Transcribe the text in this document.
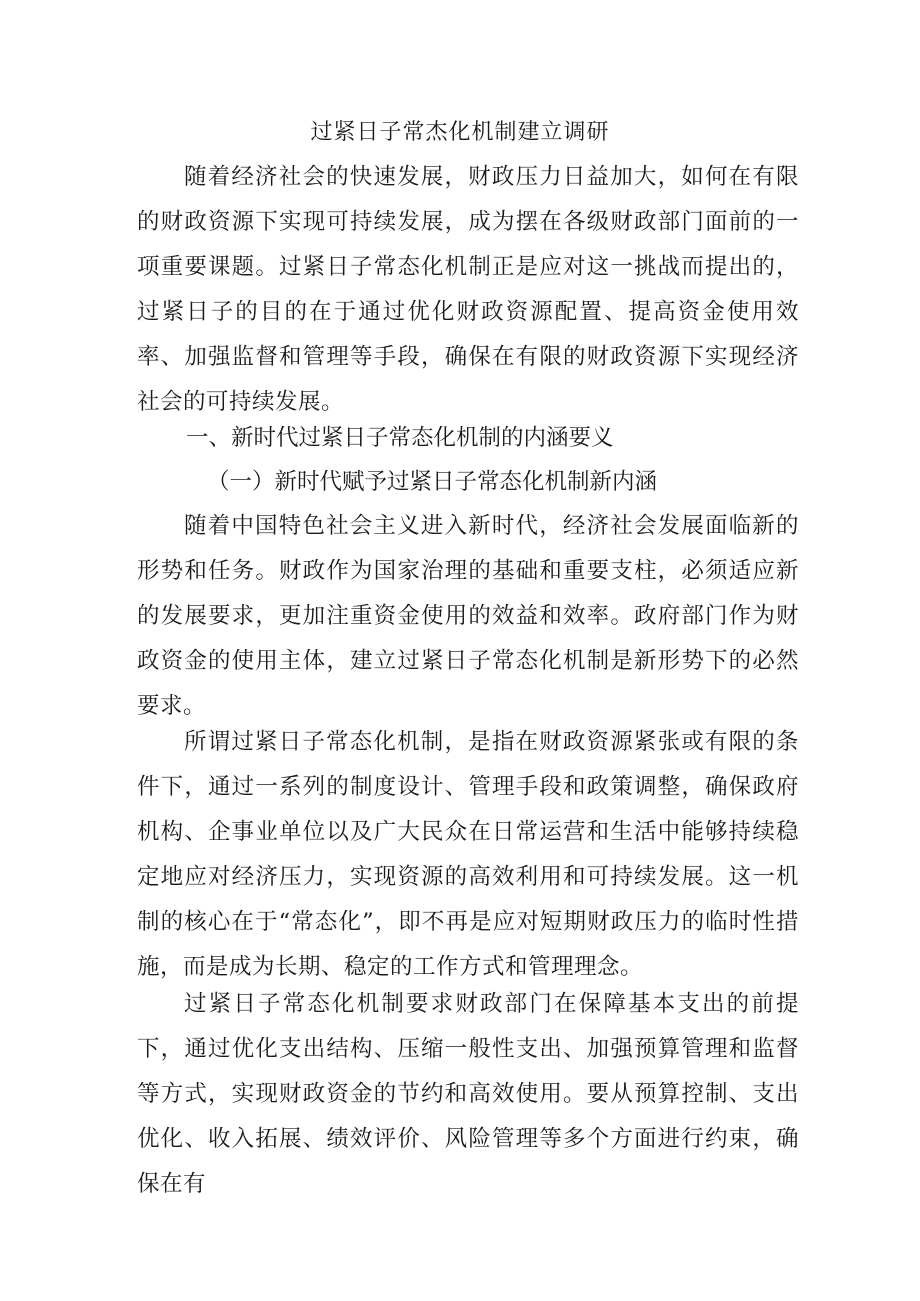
过紧日子常杰化机制建立调研

随着经济社会的快速发展，财政压力日益加大，如何在有限的财政资源下实现可持续发展，成为摆在各级财政部门面前的一项重要课题。过紧日子常态化机制正是应对这一挑战而提出的，过紧日子的目的在于通过优化财政资源配置、提高资金使用效率、加强监督和管理等手段，确保在有限的财政资源下实现经济社会的可持续发展。

一、新时代过紧日子常态化机制的内涵要义

（一）新时代赋予过紧日子常态化机制新内涵

随着中国特色社会主义进入新时代，经济社会发展面临新的形势和任务。财政作为国家治理的基础和重要支柱，必须适应新的发展要求，更加注重资金使用的效益和效率。政府部门作为财政资金的使用主体，建立过紧日子常态化机制是新形势下的必然要求。

所谓过紧日子常态化机制，是指在财政资源紧张或有限的条件下，通过一系列的制度设计、管理手段和政策调整，确保政府机构、企事业单位以及广大民众在日常运营和生活中能够持续稳定地应对经济压力，实现资源的高效利用和可持续发展。这一机制的核心在于“常态化”，即不再是应对短期财政压力的临时性措施，而是成为长期、稳定的工作方式和管理理念。

过紧日子常态化机制要求财政部门在保障基本支出的前提下，通过优化支出结构、压缩一般性支出、加强预算管理和监督等方式，实现财政资金的节约和高效使用。要从预算控制、支出优化、收入拓展、绩效评价、风险管理等多个方面进行约束，确保在有
